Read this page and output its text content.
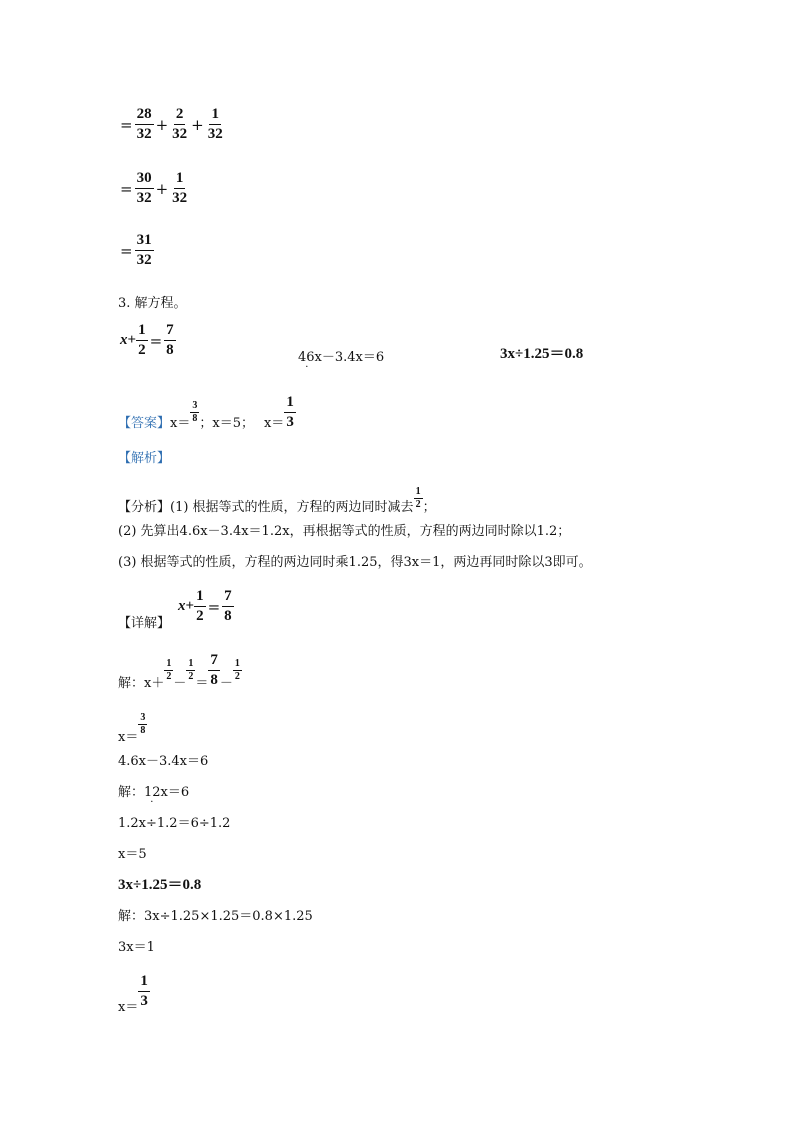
= $\frac{28}{32} + \frac{2}{32} + \frac{1}{32}$
= $\frac{30}{32} + \frac{1}{32}$
= $\frac{31}{32}$
3. 解方程。
$x + \frac{1}{2} = \frac{7}{8}$	4
·
6x－3.4x＝6	3x÷1.25＝0.8
【答案】 $x= \frac{3}{8}$ ；x＝5； $x= \frac{1}{3}$
【解析】
【分析】(1) 根据等式的性质，方程的两边同时减去 $\frac{1}{2}$ ；
(2) 先算出4.6x－3.4x＝1.2x，再根据等式的性质，方程的两边同时除以1.2；
(3) 根据等式的性质，方程的两边同时乘1.25，得3x＝1，两边再同时除以3即可。
【详解】
$x + \frac{1}{2} = \frac{7}{8}$
解：x＋
$\frac{1}{2}$
－
$\frac{1}{2}$
＝ $\frac{7}{8}$ －
$\frac{1}{2}$
x＝
$\frac{3}{8}$
4.6x－3.4x＝6
解：1
·
2x＝6
1.2x÷1.2＝6÷1.2
x＝5
3x÷1.25＝0.8
解：3x÷1.25×1.25＝0.8×1.25
3x＝1
$x= \frac{1}{3}$
